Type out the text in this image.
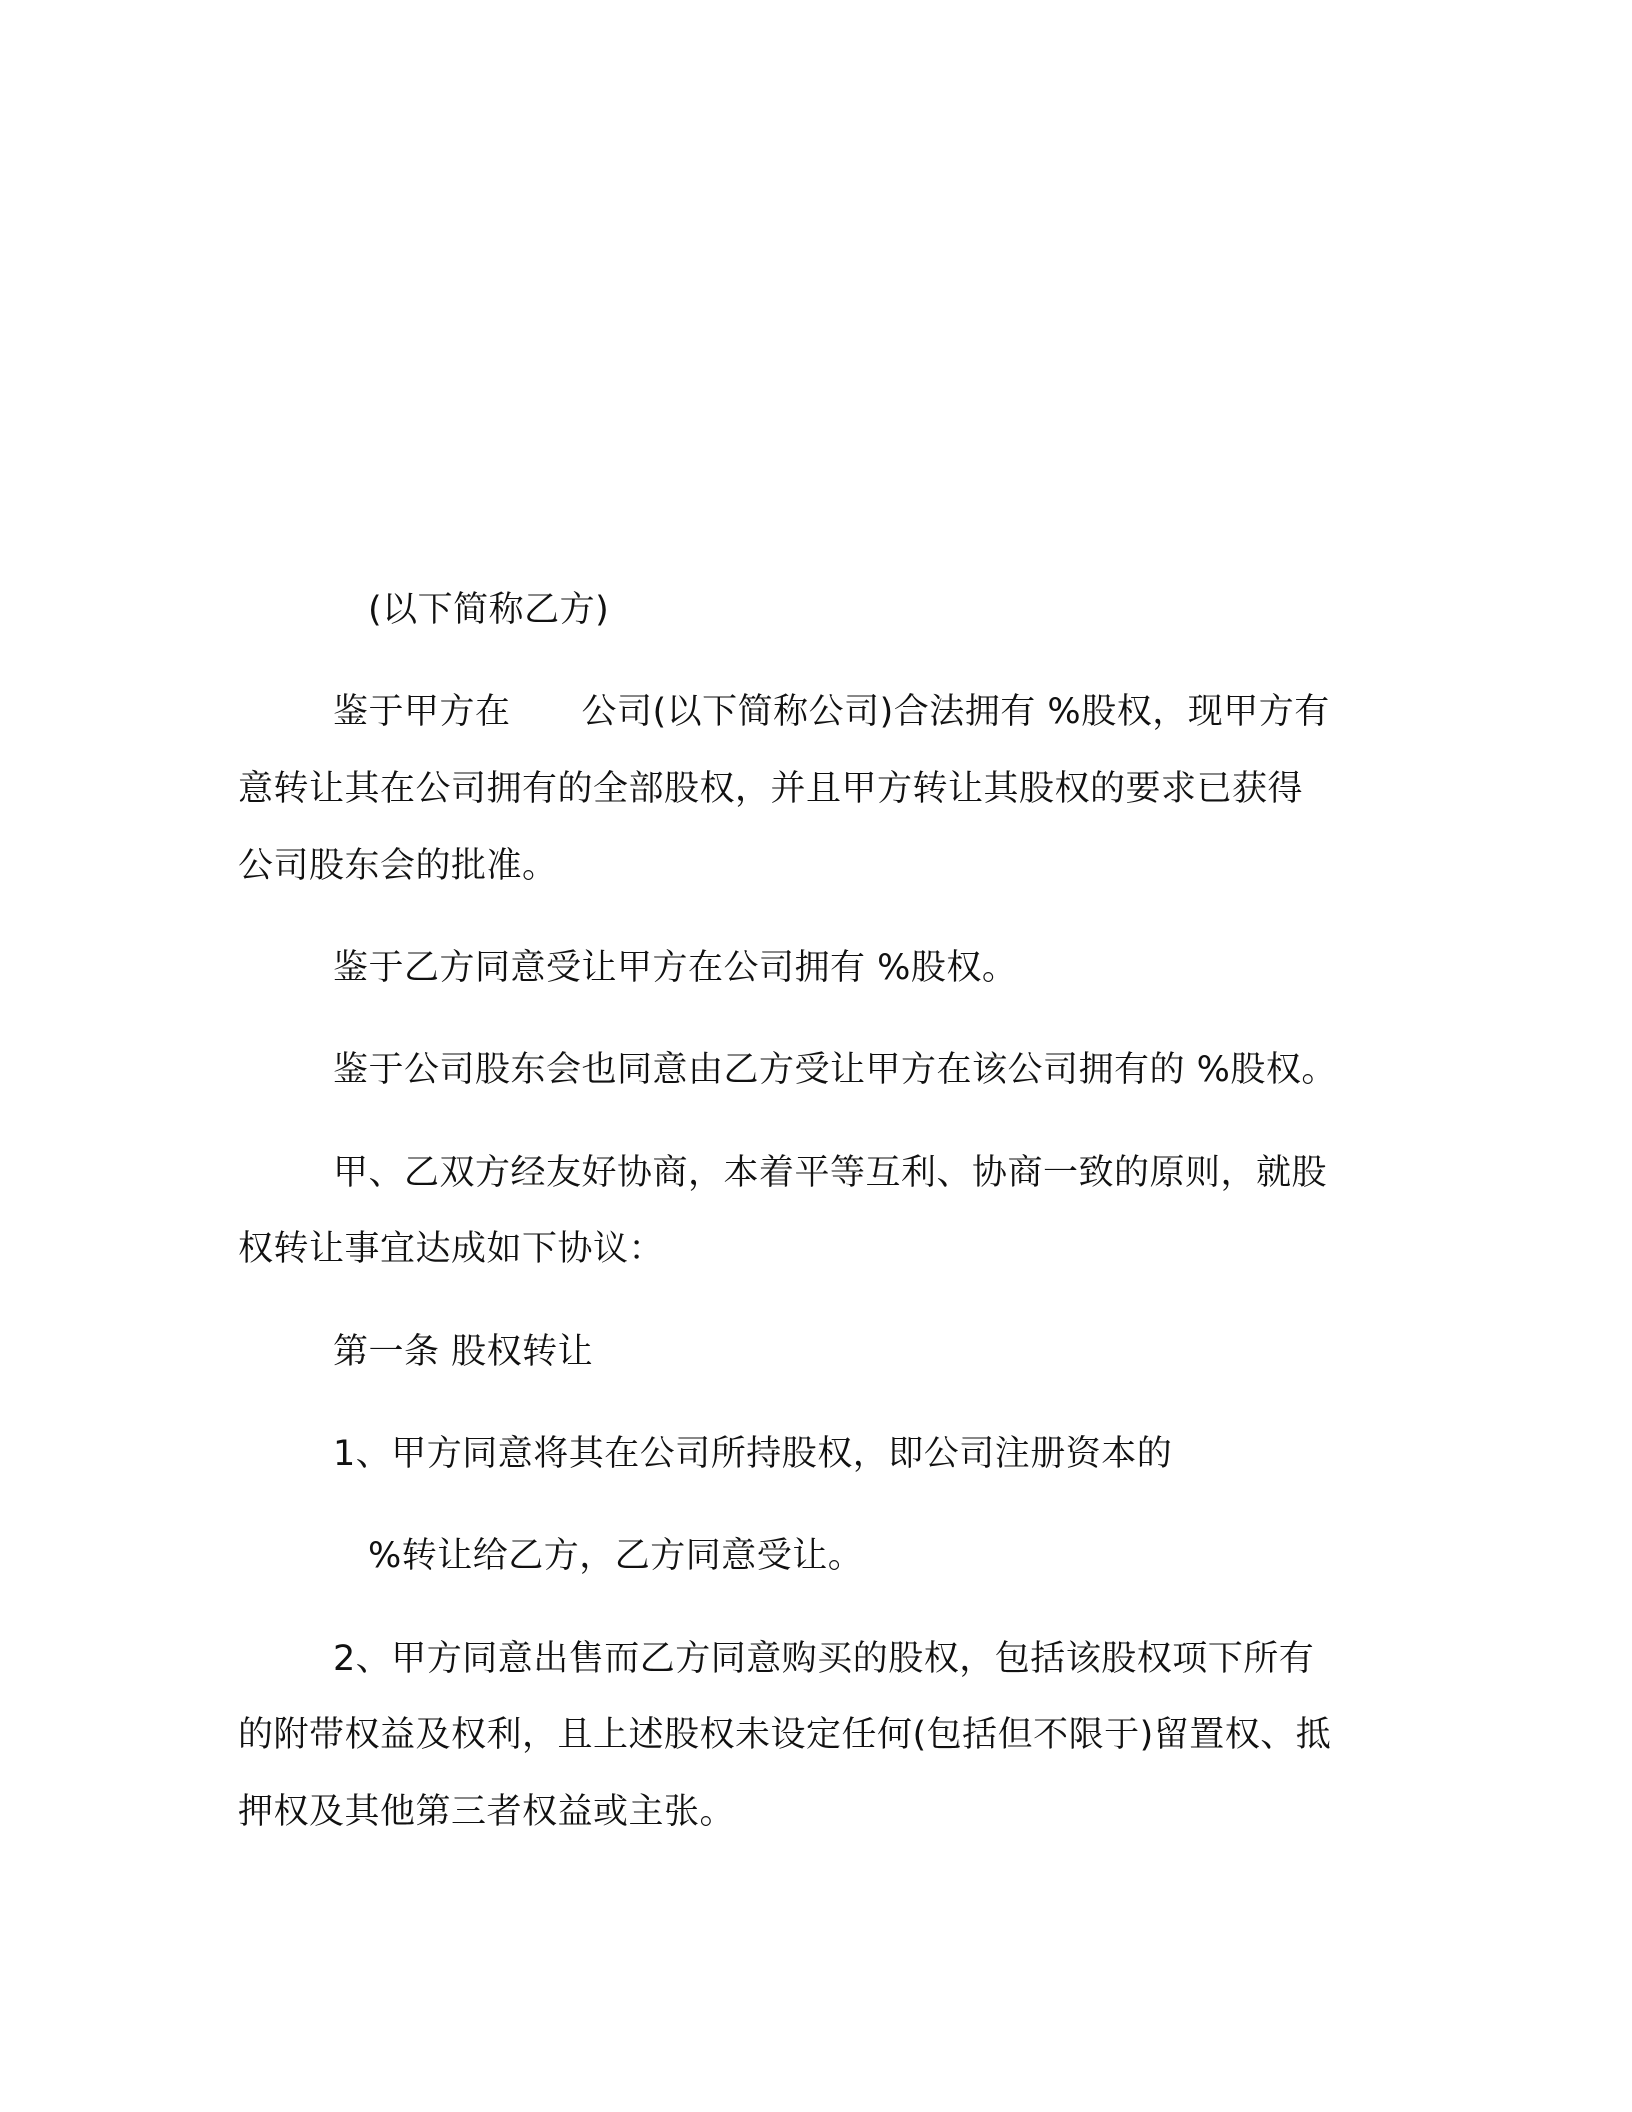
(以下简称乙方)
鉴于甲方在　　公司(以下简称公司)合法拥有 %股权，现甲方有
意转让其在公司拥有的全部股权，并且甲方转让其股权的要求已获得
公司股东会的批准。
鉴于乙方同意受让甲方在公司拥有 %股权。
鉴于公司股东会也同意由乙方受让甲方在该公司拥有的 %股权。
甲、乙双方经友好协商，本着平等互利、协商一致的原则，就股
权转让事宜达成如下协议：
第一条 股权转让
1、甲方同意将其在公司所持股权，即公司注册资本的
%转让给乙方，乙方同意受让。
2、甲方同意出售而乙方同意购买的股权，包括该股权项下所有
的附带权益及权利，且上述股权未设定任何(包括但不限于)留置权、抵
押权及其他第三者权益或主张。
